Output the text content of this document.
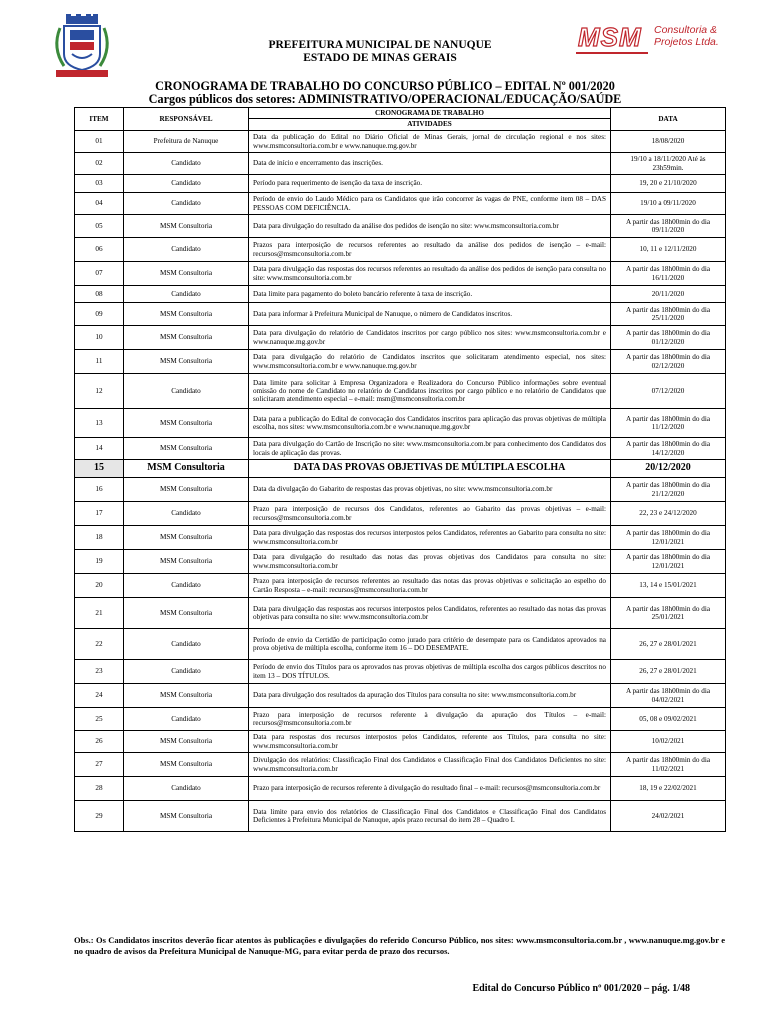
PREFEITURA MUNICIPAL DE NANUQUE
ESTADO DE MINAS GERAIS
MSM Consultoria &
Projetos Ltda.
CRONOGRAMA DE TRABALHO DO CONCURSO PÚBLICO – EDITAL Nº 001/2020
Cargos públicos dos setores: ADMINISTRATIVO/OPERACIONAL/EDUCAÇÃO/SAÚDE
ITEM	RESPONSÁVEL	CRONOGRAMA DE TRABALHO	DATA
		ATIVIDADES	
01	Prefeitura de Nanuque	Data da publicação do Edital no Diário Oficial de Minas Gerais, jornal de circulação regional e nos sites: www.msmconsultoria.com.br e www.nanuque.mg.gov.br	18/08/2020
02	Candidato	Data de início e encerramento das inscrições.	19/10 a 18/11/2020 Até às 23h59min.
03	Candidato	Período para requerimento de isenção da taxa de inscrição.	19, 20 e 21/10/2020
04	Candidato	Período de envio do Laudo Médico para os Candidatos que irão concorrer às vagas de PNE, conforme item 08 – DAS PESSOAS COM DEFICIÊNCIA.	19/10 a 09/11/2020
05	MSM Consultoria	Data para divulgação do resultado da análise dos pedidos de isenção no site: www.msmconsultoria.com.br	A partir das 18h00min do dia 09/11/2020
06	Candidato	Prazos para interposição de recursos referentes ao resultado da análise dos pedidos de isenção – e-mail: recursos@msmconsultoria.com.br	10, 11 e 12/11/2020
07	MSM Consultoria	Data para divulgação das respostas dos recursos referentes ao resultado da análise dos pedidos de isenção para consulta no site: www.msmconsultoria.com.br	A partir das 18h00min do dia 16/11/2020
08	Candidato	Data limite para pagamento do boleto bancário referente à taxa de inscrição.	20/11/2020
09	MSM Consultoria	Data para informar à Prefeitura Municipal de Nanuque, o número de Candidatos inscritos.	A partir das 18h00min do dia 25/11/2020
10	MSM Consultoria	Data para divulgação do relatório de Candidatos inscritos por cargo público nos sites: www.msmconsultoria.com.br e www.nanuque.mg.gov.br	A partir das 18h00min do dia 01/12/2020
11	MSM Consultoria	Data para divulgação do relatório de Candidatos inscritos que solicitaram atendimento especial, nos sites: www.msmconsultoria.com.br e www.nanuque.mg.gov.br	A partir das 18h00min do dia 02/12/2020
12	Candidato	Data limite para solicitar à Empresa Organizadora e Realizadora do Concurso Público informações sobre eventual omissão do nome de Candidato no relatório de Candidatos inscritos por cargo público e no relatório de Candidatos que solicitaram atendimento especial – e-mail: msm@msmconsultoria.com.br	07/12/2020
13	MSM Consultoria	Data para a publicação do Edital de convocação dos Candidatos inscritos para aplicação das provas objetivas de múltipla escolha, nos sites: www.msmconsultoria.com.br e www.nanuque.mg.gov.br	A partir das 18h00min do dia 11/12/2020
14	MSM Consultoria	Data para divulgação do Cartão de Inscrição no site: www.msmconsultoria.com.br para conhecimento dos Candidatos dos locais de aplicação das provas.	A partir das 18h00min do dia 14/12/2020
15	MSM Consultoria	DATA DAS PROVAS OBJETIVAS DE MÚLTIPLA ESCOLHA	20/12/2020
16	MSM Consultoria	Data da divulgação do Gabarito de respostas das provas objetivas, no site: www.msmconsultoria.com.br	A partir das 18h00min do dia 21/12/2020
17	Candidato	Prazo para interposição de recursos dos Candidatos, referentes ao Gabarito das provas objetivas – e-mail: recursos@msmconsultoria.com.br	22, 23 e 24/12/2020
18	MSM Consultoria	Data para divulgação das respostas dos recursos interpostos pelos Candidatos, referentes ao Gabarito para consulta no site: www.msmconsultoria.com.br	A partir das 18h00min do dia 12/01/2021
19	MSM Consultoria	Data para divulgação do resultado das notas das provas objetivas dos Candidatos para consulta no site: www.msmconsultoria.com.br	A partir das 18h00min do dia 12/01/2021
20	Candidato	Prazo para interposição de recursos referentes ao resultado das notas das provas objetivas e solicitação ao espelho do Cartão Resposta – e-mail: recursos@msmconsultoria.com.br	13, 14 e 15/01/2021
21	MSM Consultoria	Data para divulgação das respostas aos recursos interpostos pelos Candidatos, referentes ao resultado das notas das provas objetivas para consulta no site: www.msmconsultoria.com.br	A partir das 18h00min do dia 25/01/2021
22	Candidato	Período de envio da Certidão de participação como jurado para critério de desempate para os Candidatos aprovados na prova objetiva de múltipla escolha, conforme item 16 – DO DESEMPATE.	26, 27 e 28/01/2021
23	Candidato	Período de envio dos Títulos para os aprovados nas provas objetivas de múltipla escolha dos cargos públicos descritos no item 13 – DOS TÍTULOS.	26, 27 e 28/01/2021
24	MSM Consultoria	Data para divulgação dos resultados da apuração dos Títulos para consulta no site: www.msmconsultoria.com.br	A partir das 18h00min do dia 04/02/2021
25	Candidato	Prazo para interposição de recursos referente à divulgação da apuração dos Títulos – e-mail: recursos@msmconsultoria.com.br	05, 08 e 09/02/2021
26	MSM Consultoria	Data para respostas dos recursos interpostos pelos Candidatos, referente aos Títulos, para consulta no site: www.msmconsultoria.com.br	10/02/2021
27	MSM Consultoria	Divulgação dos relatórios: Classificação Final dos Candidatos e Classificação Final dos Candidatos Deficientes no site: www.msmconsultoria.com.br	A partir das 18h00min do dia 11/02/2021
28	Candidato	Prazo para interposição de recursos referente à divulgação do resultado final – e-mail: recursos@msmconsultoria.com.br	18, 19 e 22/02/2021
29	MSM Consultoria	Data limite para envio dos relatórios de Classificação Final dos Candidatos e Classificação Final dos Candidatos Deficientes à Prefeitura Municipal de Nanuque, após prazo recursal do item 28 – Quadro I.	24/02/2021
Obs.: Os Candidatos inscritos deverão ficar atentos às publicações e divulgações do referido Concurso Público, nos sites: www.msmconsultoria.com.br , www.nanuque.mg.gov.br e no quadro de avisos da Prefeitura Municipal de Nanuque-MG, para evitar perda de prazo dos recursos.
Edital do Concurso Público nº 001/2020 – pág. 1/48
